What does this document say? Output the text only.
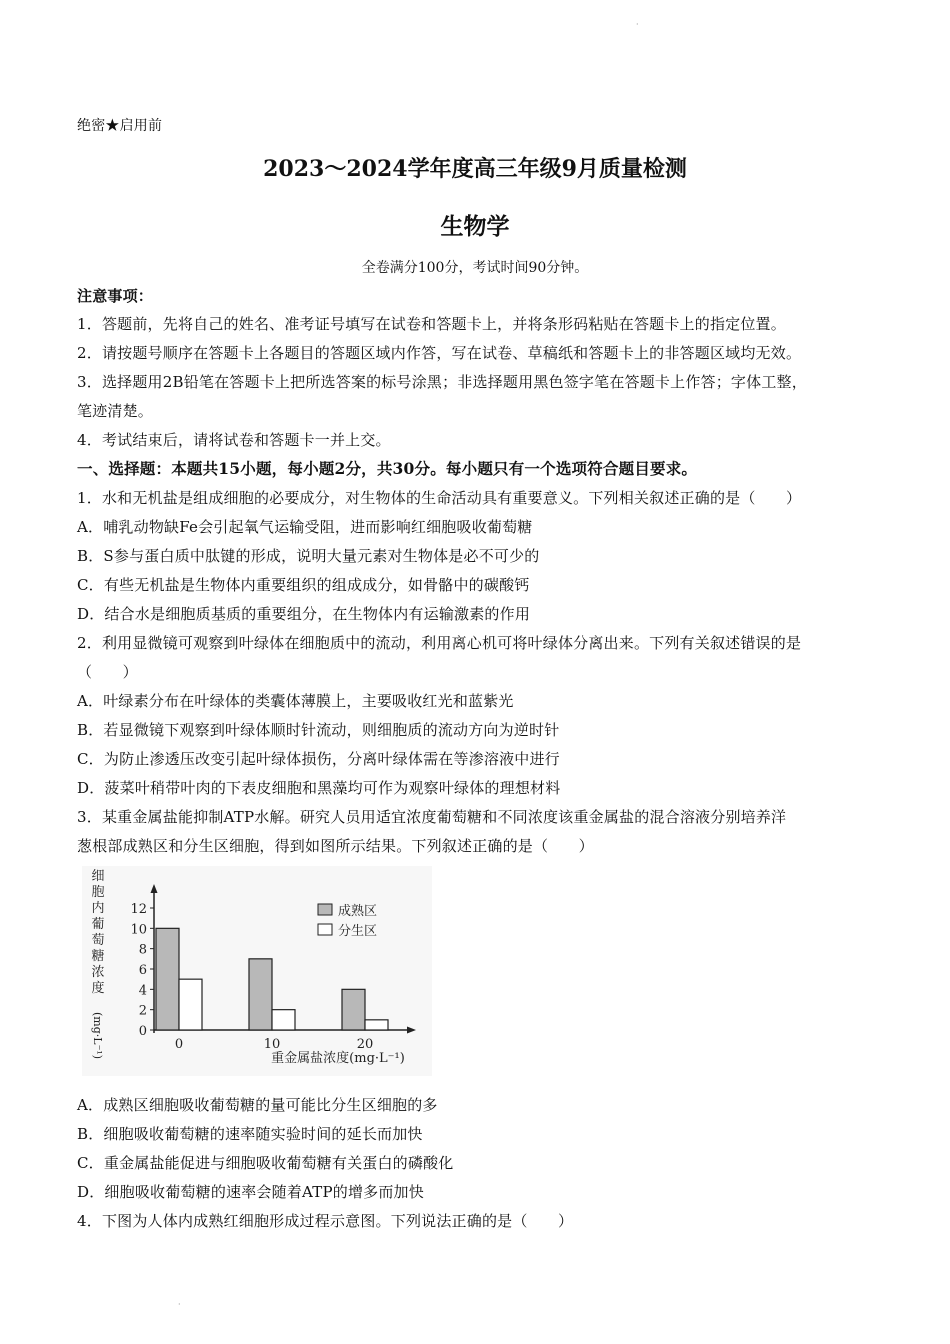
·
绝密★启用前
2023～2024学年度高三年级9月质量检测
生物学
全卷满分100分，考试时间90分钟。
注意事项：
1．答题前，先将自己的姓名、准考证号填写在试卷和答题卡上，并将条形码粘贴在答题卡上的指定位置。
2．请按题号顺序在答题卡上各题目的答题区域内作答，写在试卷、草稿纸和答题卡上的非答题区域均无效。
3．选择题用2B铅笔在答题卡上把所选答案的标号涂黑；非选择题用黑色签字笔在答题卡上作答；字体工整，
笔迹清楚。
4．考试结束后，请将试卷和答题卡一并上交。
一、选择题：本题共15小题，每小题2分，共30分。每小题只有一个选项符合题目要求。
1．水和无机盐是组成细胞的必要成分，对生物体的生命活动具有重要意义。下列相关叙述正确的是（　　）
A．哺乳动物缺Fe会引起氧气运输受阻，进而影响红细胞吸收葡萄糖
B．S参与蛋白质中肽键的形成，说明大量元素对生物体是必不可少的
C．有些无机盐是生物体内重要组织的组成成分，如骨骼中的碳酸钙
D．结合水是细胞质基质的重要组分，在生物体内有运输激素的作用
2．利用显微镜可观察到叶绿体在细胞质中的流动，利用离心机可将叶绿体分离出来。下列有关叙述错误的是
（　　）
A．叶绿素分布在叶绿体的类囊体薄膜上，主要吸收红光和蓝紫光
B．若显微镜下观察到叶绿体顺时针流动，则细胞质的流动方向为逆时针
C．为防止渗透压改变引起叶绿体损伤，分离叶绿体需在等渗溶液中进行
D．菠菜叶稍带叶肉的下表皮细胞和黑藻均可作为观察叶绿体的理想材料
3．某重金属盐能抑制ATP水解。研究人员用适宜浓度葡萄糖和不同浓度该重金属盐的混合溶液分别培养洋
葱根部成熟区和分生区细胞，得到如图所示结果。下列叙述正确的是（　　）
细
胞
内
葡
萄
糖
浓
度
(mg·L⁻¹)	0
2
4
6
8
10
12
0	10	20
成熟区
分生区
重金属盐浓度(mg·L⁻¹)
A．成熟区细胞吸收葡萄糖的量可能比分生区细胞的多
B．细胞吸收葡萄糖的速率随实验时间的延长而加快
C．重金属盐能促进与细胞吸收葡萄糖有关蛋白的磷酸化
D．细胞吸收葡萄糖的速率会随着ATP的增多而加快
4．下图为人体内成熟红细胞形成过程示意图。下列说法正确的是（　　）
·
